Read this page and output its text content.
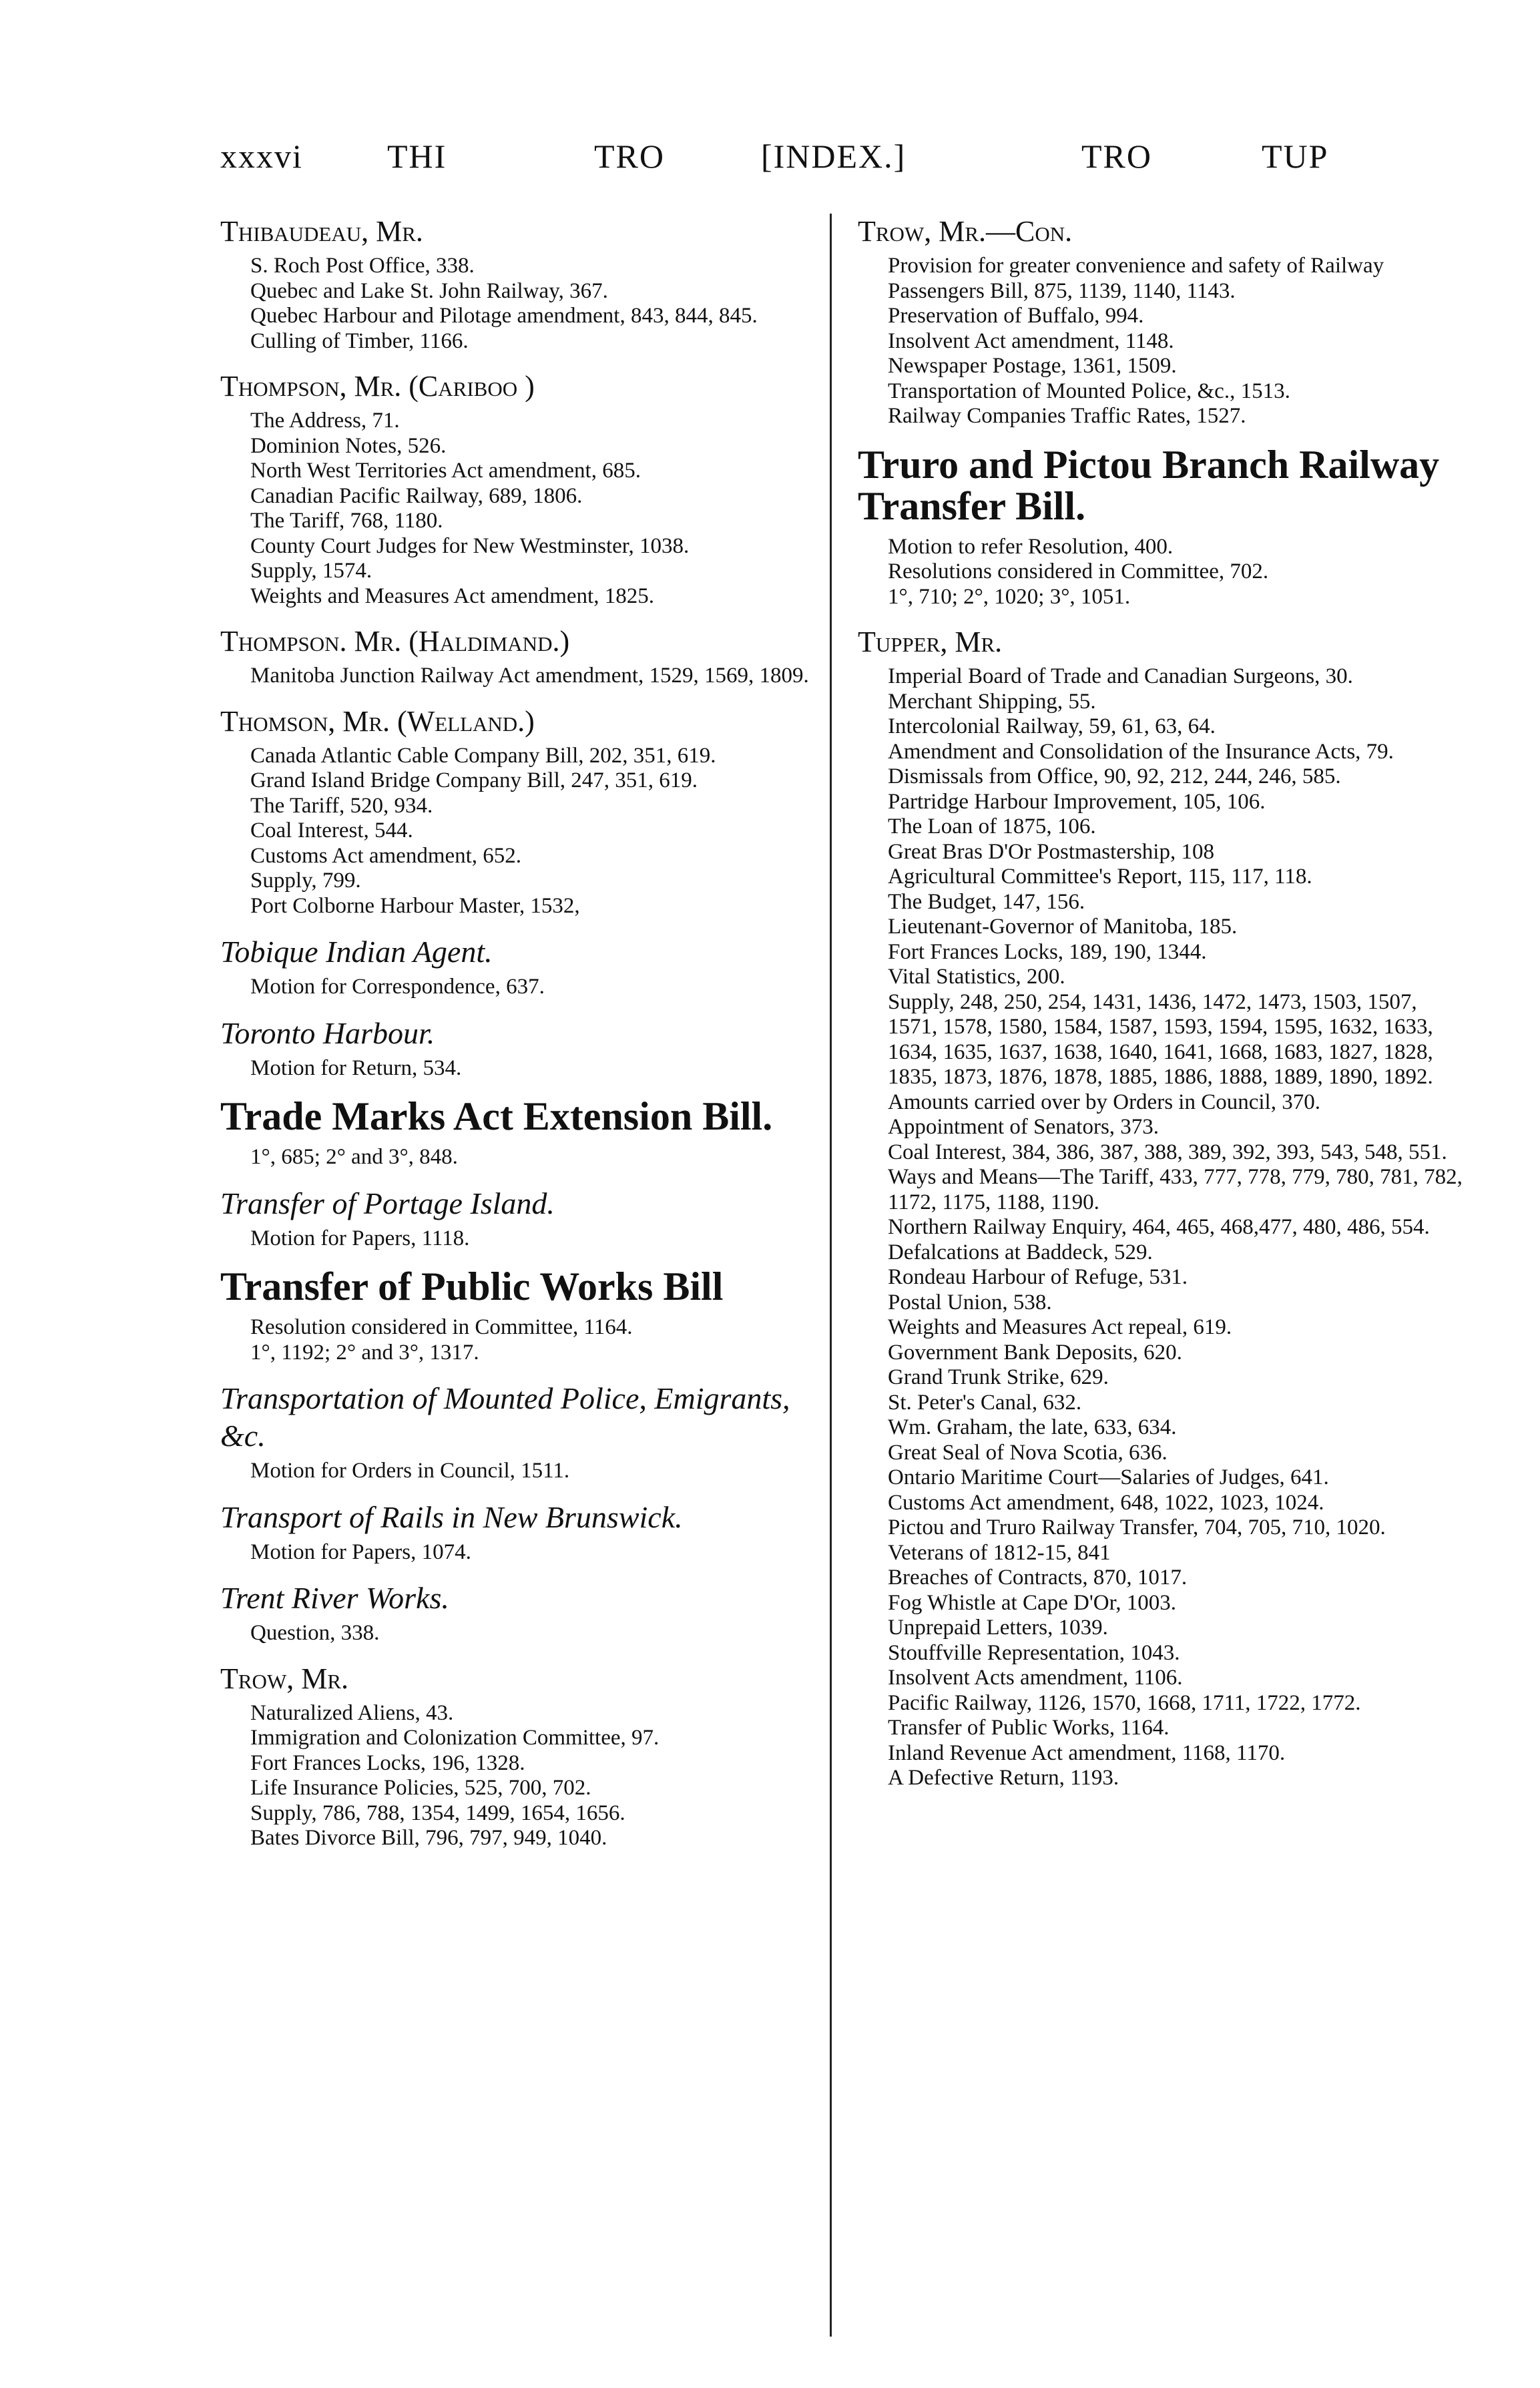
xxxvi	THI	TRO	[INDEX.]	TRO	TUP
Thibaudeau, Mr.
S. Roch Post Office, 338.
Quebec and Lake St. John Railway, 367.
Quebec Harbour and Pilotage amendment, 843, 844, 845.
Culling of Timber, 1166.
Thompson, Mr. (Cariboo )
The Address, 71.
Dominion Notes, 526.
North West Territories Act amendment, 685.
Canadian Pacific Railway, 689, 1806.
The Tariff, 768, 1180.
County Court Judges for New Westminster, 1038.
Supply, 1574.
Weights and Measures Act amendment, 1825.
Thompson. Mr. (Haldimand.)
Manitoba Junction Railway Act amendment, 1529, 1569, 1809.
Thomson, Mr. (Welland.)
Canada Atlantic Cable Company Bill, 202, 351, 619.
Grand Island Bridge Company Bill, 247, 351, 619.
The Tariff, 520, 934.
Coal Interest, 544.
Customs Act amendment, 652.
Supply, 799.
Port Colborne Harbour Master, 1532,
Tobique Indian Agent.
Motion for Correspondence, 637.
Toronto Harbour.
Motion for Return, 534.
Trade Marks Act Extension Bill.
1°, 685; 2° and 3°, 848.
Transfer of Portage Island.
Motion for Papers, 1118.
Transfer of Public Works Bill
Resolution considered in Committee, 1164.
1°, 1192; 2° and 3°, 1317.
Transportation of Mounted Police, Emigrants, &c.
Motion for Orders in Council, 1511.
Transport of Rails in New Brunswick.
Motion for Papers, 1074.
Trent River Works.
Question, 338.
Trow, Mr.
Naturalized Aliens, 43.
Immigration and Colonization Committee, 97.
Fort Frances Locks, 196, 1328.
Life Insurance Policies, 525, 700, 702.
Supply, 786, 788, 1354, 1499, 1654, 1656.
Bates Divorce Bill, 796, 797, 949, 1040.
Trow, Mr.—Con.
Provision for greater convenience and safety of Railway Passengers Bill, 875, 1139, 1140, 1143.
Preservation of Buffalo, 994.
Insolvent Act amendment, 1148.
Newspaper Postage, 1361, 1509.
Transportation of Mounted Police, &c., 1513.
Railway Companies Traffic Rates, 1527.
Truro and Pictou Branch Railway Transfer Bill.
Motion to refer Resolution, 400.
Resolutions considered in Committee, 702.
1°, 710; 2°, 1020; 3°, 1051.
Tupper, Mr.
Imperial Board of Trade and Canadian Surgeons, 30.
Merchant Shipping, 55.
Intercolonial Railway, 59, 61, 63, 64.
Amendment and Consolidation of the Insurance Acts, 79.
Dismissals from Office, 90, 92, 212, 244, 246, 585.
Partridge Harbour Improvement, 105, 106.
The Loan of 1875, 106.
Great Bras D'Or Postmastership, 108
Agricultural Committee's Report, 115, 117, 118.
The Budget, 147, 156.
Lieutenant-Governor of Manitoba, 185.
Fort Frances Locks, 189, 190, 1344.
Vital Statistics, 200.
Supply, 248, 250, 254, 1431, 1436, 1472, 1473, 1503, 1507, 1571, 1578, 1580, 1584, 1587, 1593, 1594, 1595, 1632, 1633, 1634, 1635, 1637, 1638, 1640, 1641, 1668, 1683, 1827, 1828, 1835, 1873, 1876, 1878, 1885, 1886, 1888, 1889, 1890, 1892.
Amounts carried over by Orders in Council, 370.
Appointment of Senators, 373.
Coal Interest, 384, 386, 387, 388, 389, 392, 393, 543, 548, 551.
Ways and Means—The Tariff, 433, 777, 778, 779, 780, 781, 782, 1172, 1175, 1188, 1190.
Northern Railway Enquiry, 464, 465, 468,477, 480, 486, 554.
Defalcations at Baddeck, 529.
Rondeau Harbour of Refuge, 531.
Postal Union, 538.
Weights and Measures Act repeal, 619.
Government Bank Deposits, 620.
Grand Trunk Strike, 629.
St. Peter's Canal, 632.
Wm. Graham, the late, 633, 634.
Great Seal of Nova Scotia, 636.
Ontario Maritime Court—Salaries of Judges, 641.
Customs Act amendment, 648, 1022, 1023, 1024.
Pictou and Truro Railway Transfer, 704, 705, 710, 1020.
Veterans of 1812-15, 841
Breaches of Contracts, 870, 1017.
Fog Whistle at Cape D'Or, 1003.
Unprepaid Letters, 1039.
Stouffville Representation, 1043.
Insolvent Acts amendment, 1106.
Pacific Railway, 1126, 1570, 1668, 1711, 1722, 1772.
Transfer of Public Works, 1164.
Inland Revenue Act amendment, 1168, 1170.
A Defective Return, 1193.
